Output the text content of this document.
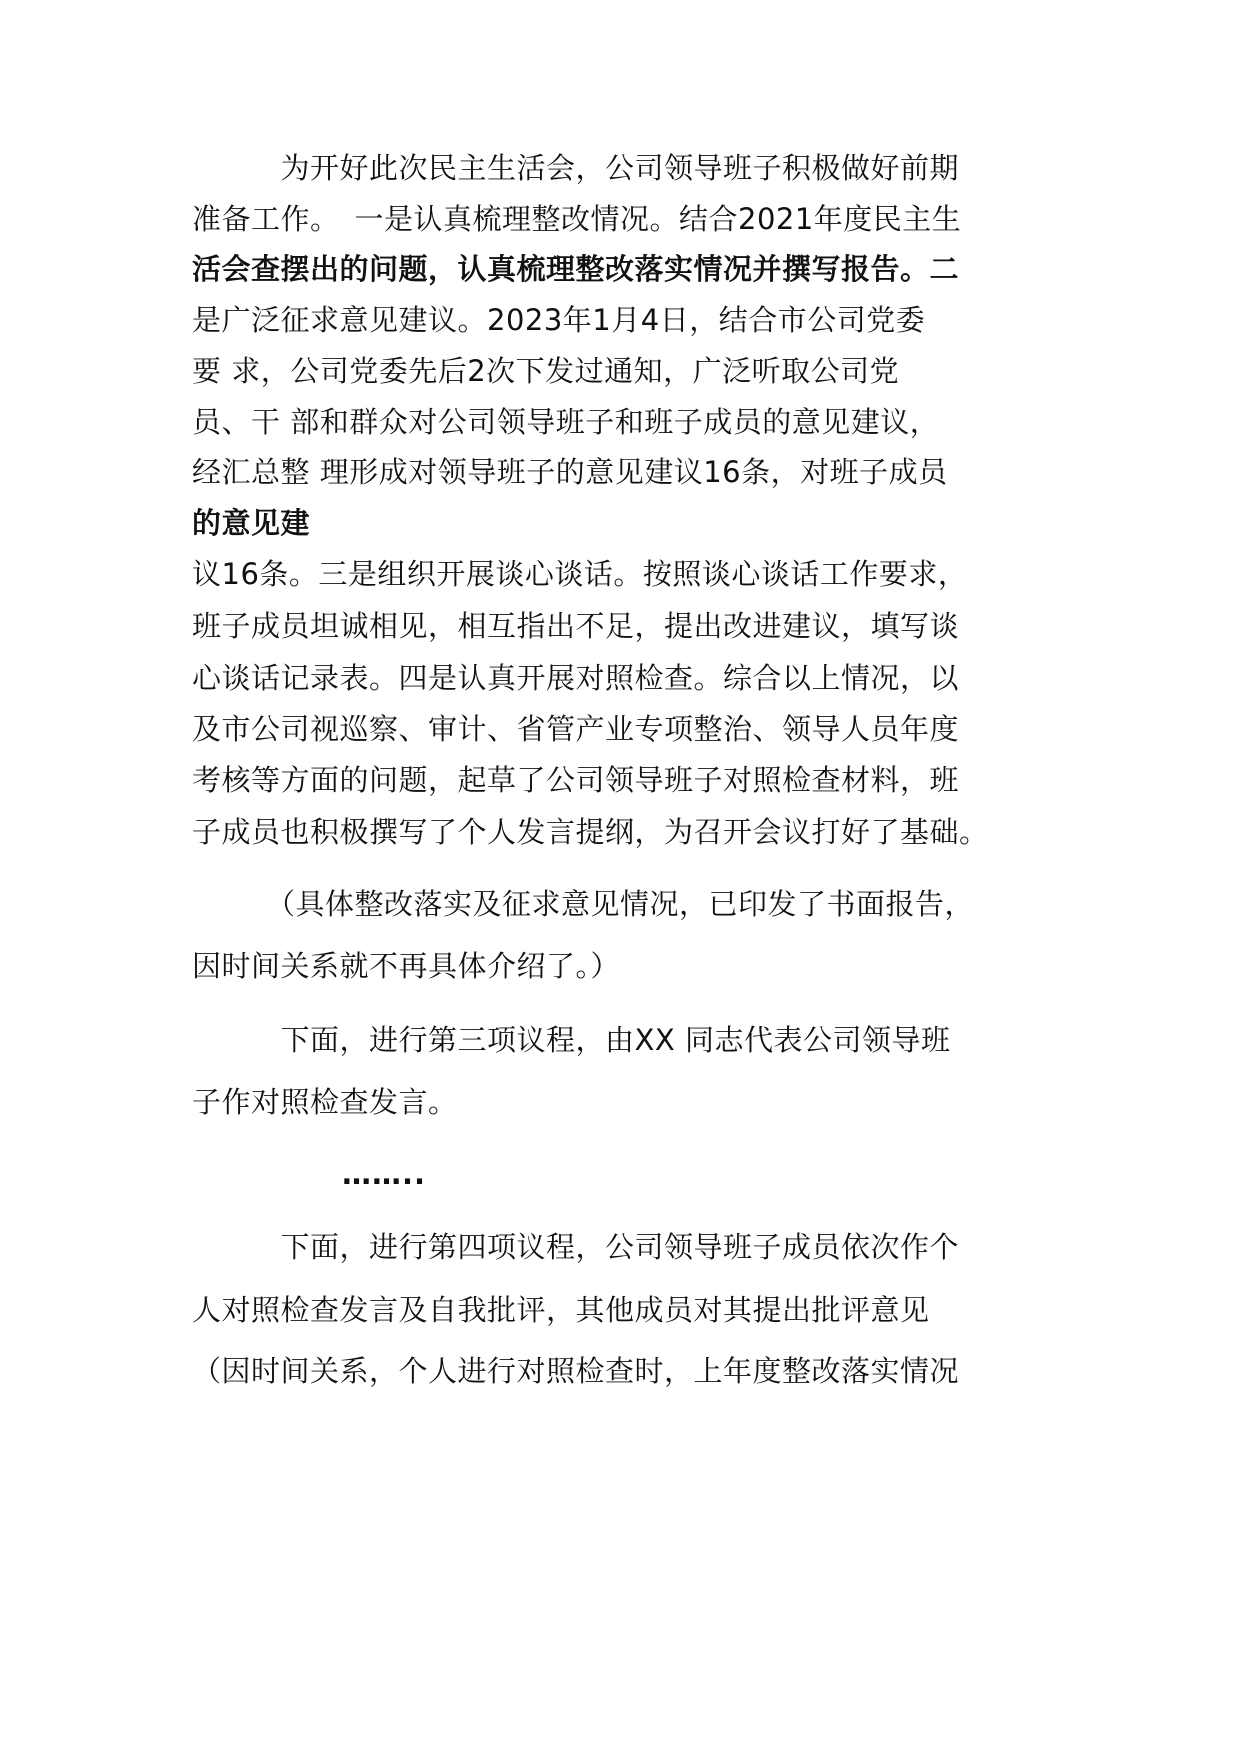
　　　为开好此次民主生活会，公司领导班子积极做好前期
准备工作。　一是认真梳理整改情况。结合2021年度民主生
活会查摆出的问题，认真梳理整改落实情况并撰写报告。二
是广泛征求意见建议。2023年1月4日，结合市公司党委
要 求，公司党委先后2次下发过通知，广泛听取公司党
员、干 部和群众对公司领导班子和班子成员的意见建议，
经汇总整 理形成对领导班子的意见建议16条，对班子成员
的意见建
议16条。三是组织开展谈心谈话。按照谈心谈话工作要求，
班子成员坦诚相见，相互指出不足，提出改进建议，填写谈
心谈话记录表。四是认真开展对照检查。综合以上情况，以
及市公司视巡察、审计、省管产业专项整治、领导人员年度
考核等方面的问题，起草了公司领导班子对照检查材料，班
子成员也积极撰写了个人发言提纲，为召开会议打好了基础。
　　　（具体整改落实及征求意见情况，已印发了书面报告，
因时间关系就不再具体介绍了。）
　　　下面，进行第三项议程，由XX 同志代表公司领导班
子作对照检查发言。
……..
　　　下面，进行第四项议程，公司领导班子成员依次作个
人对照检查发言及自我批评，其他成员对其提出批评意见
（因时间关系，个人进行对照检查时，上年度整改落实情况
